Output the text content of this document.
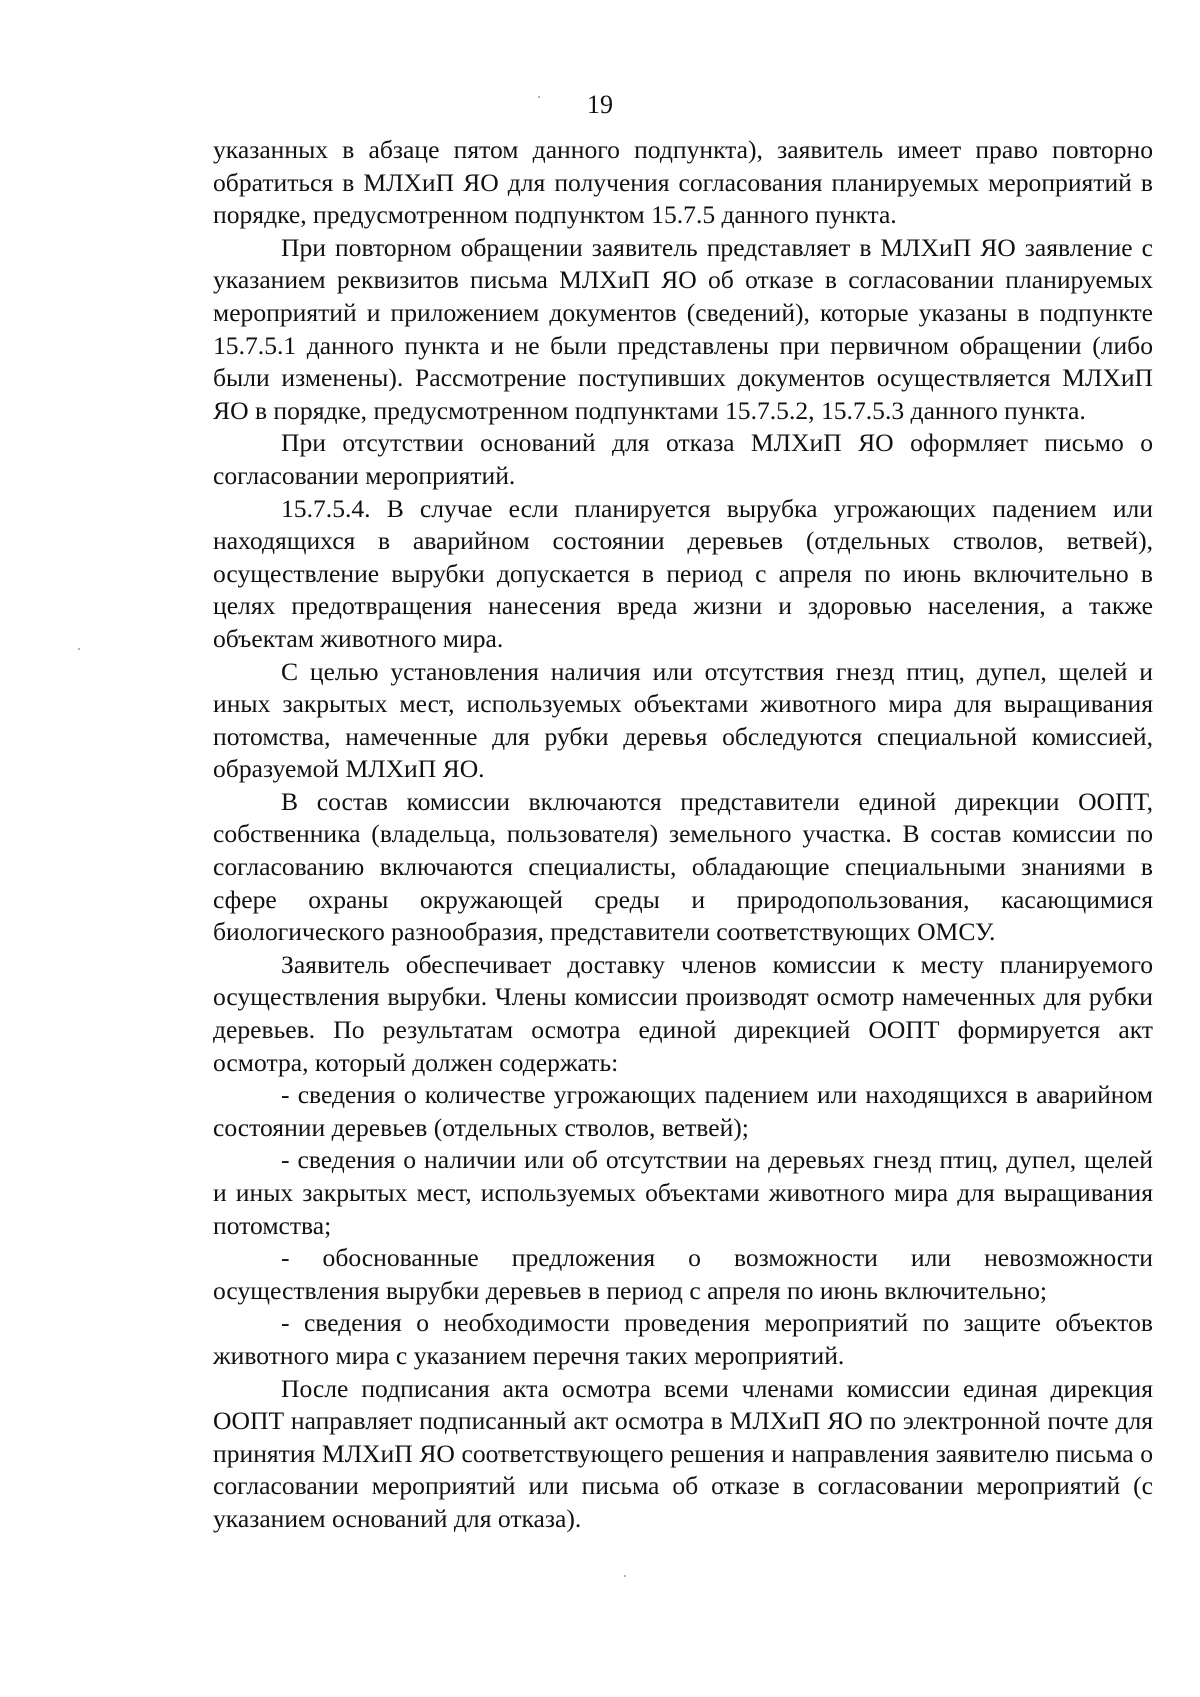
19

указанных в абзаце пятом данного подпункта), заявитель имеет право повторно обратиться в МЛХиП ЯО для получения согласования планируемых мероприятий в порядке, предусмотренном подпунктом 15.7.5 данного пункта.

При повторном обращении заявитель представляет в МЛХиП ЯО заявление с указанием реквизитов письма МЛХиП ЯО об отказе в согласовании планируемых мероприятий и приложением документов (сведений), которые указаны в подпункте 15.7.5.1 данного пункта и не были представлены при первичном обращении (либо были изменены). Рассмотрение поступивших документов осуществляется МЛХиП ЯО в порядке, предусмотренном подпунктами 15.7.5.2, 15.7.5.3 данного пункта.

При отсутствии оснований для отказа МЛХиП ЯО оформляет письмо о согласовании мероприятий.

15.7.5.4. В случае если планируется вырубка угрожающих падением или находящихся в аварийном состоянии деревьев (отдельных стволов, ветвей), осуществление вырубки допускается в период с апреля по июнь включительно в целях предотвращения нанесения вреда жизни и здоровью населения, а также объектам животного мира.

С целью установления наличия или отсутствия гнезд птиц, дупел, щелей и иных закрытых мест, используемых объектами животного мира для выращивания потомства, намеченные для рубки деревья обследуются специальной комиссией, образуемой МЛХиП ЯО.

В состав комиссии включаются представители единой дирекции ООПТ, собственника (владельца, пользователя) земельного участка. В состав комиссии по согласованию включаются специалисты, обладающие специальными знаниями в сфере охраны окружающей среды и природопользования, касающимися биологического разнообразия, представители соответствующих ОМСУ.

Заявитель обеспечивает доставку членов комиссии к месту планируемого осуществления вырубки. Члены комиссии производят осмотр намеченных для рубки деревьев. По результатам осмотра единой дирекцией ООПТ формируется акт осмотра, который должен содержать:

- сведения о количестве угрожающих падением или находящихся в аварийном состоянии деревьев (отдельных стволов, ветвей);

- сведения о наличии или об отсутствии на деревьях гнезд птиц, дупел, щелей и иных закрытых мест, используемых объектами животного мира для выращивания потомства;

- обоснованные предложения о возможности или невозможности осуществления вырубки деревьев в период с апреля по июнь включительно;

- сведения о необходимости проведения мероприятий по защите объектов животного мира с указанием перечня таких мероприятий.

После подписания акта осмотра всеми членами комиссии единая дирекция ООПТ направляет подписанный акт осмотра в МЛХиП ЯО по электронной почте для принятия МЛХиП ЯО соответствующего решения и направления заявителю письма о согласовании мероприятий или письма об отказе в согласовании мероприятий (с указанием оснований для отказа).
